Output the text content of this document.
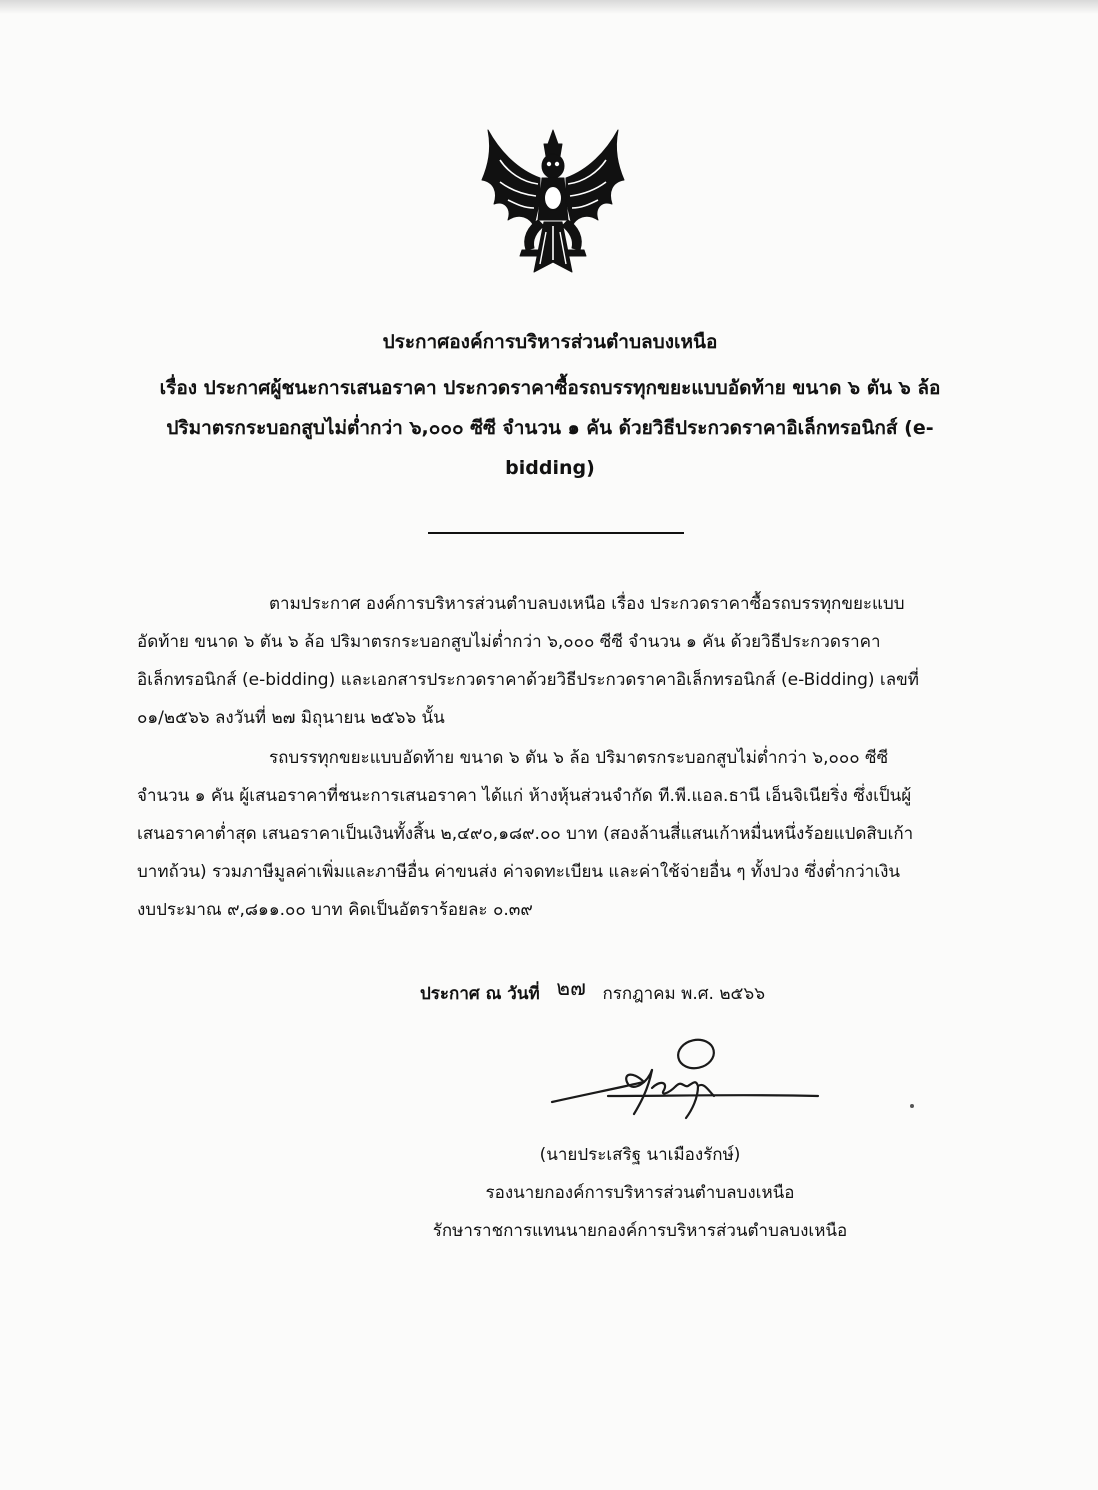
ประกาศองค์การบริหารส่วนตำบลบงเหนือ
เรื่อง ประกาศผู้ชนะการเสนอราคา ประกวดราคาซื้อรถบรรทุกขยะแบบอัดท้าย ขนาด ๖ ตัน ๖ ล้อ
ปริมาตรกระบอกสูบไม่ต่ำกว่า ๖,๐๐๐ ซีซี จำนวน ๑ คัน ด้วยวิธีประกวดราคาอิเล็กทรอนิกส์ (e-
bidding)
ตามประกาศ องค์การบริหารส่วนตำบลบงเหนือ เรื่อง ประกวดราคาซื้อรถบรรทุกขยะแบบ
อัดท้าย ขนาด ๖ ตัน ๖ ล้อ ปริมาตรกระบอกสูบไม่ต่ำกว่า ๖,๐๐๐ ซีซี จำนวน ๑ คัน ด้วยวิธีประกวดราคา
อิเล็กทรอนิกส์ (e-bidding) และเอกสารประกวดราคาด้วยวิธีประกวดราคาอิเล็กทรอนิกส์ (e-Bidding) เลขที่
๐๑/๒๕๖๖ ลงวันที่ ๒๗ มิถุนายน ๒๕๖๖ นั้น
รถบรรทุกขยะแบบอัดท้าย ขนาด ๖ ตัน ๖ ล้อ ปริมาตรกระบอกสูบไม่ต่ำกว่า ๖,๐๐๐ ซีซี
จำนวน ๑ คัน ผู้เสนอราคาที่ชนะการเสนอราคา ได้แก่ ห้างหุ้นส่วนจำกัด ที.พี.แอล.ธานี เอ็นจิเนียริ่ง ซึ่งเป็นผู้
เสนอราคาต่ำสุด เสนอราคาเป็นเงินทั้งสิ้น ๒,๔๙๐,๑๘๙.๐๐ บาท (สองล้านสี่แสนเก้าหมื่นหนึ่งร้อยแปดสิบเก้า
บาทถ้วน) รวมภาษีมูลค่าเพิ่มและภาษีอื่น ค่าขนส่ง ค่าจดทะเบียน และค่าใช้จ่ายอื่น ๆ ทั้งปวง ซึ่งต่ำกว่าเงิน
งบประมาณ ๙,๘๑๑.๐๐ บาท คิดเป็นอัตราร้อยละ ๐.๓๙
ประกาศ ณ วันที่ ๒๗ กรกฎาคม พ.ศ. ๒๕๖๖
(นายประเสริฐ นาเมืองรักษ์)
รองนายกองค์การบริหารส่วนตำบลบงเหนือ
รักษาราชการแทนนายกองค์การบริหารส่วนตำบลบงเหนือ
